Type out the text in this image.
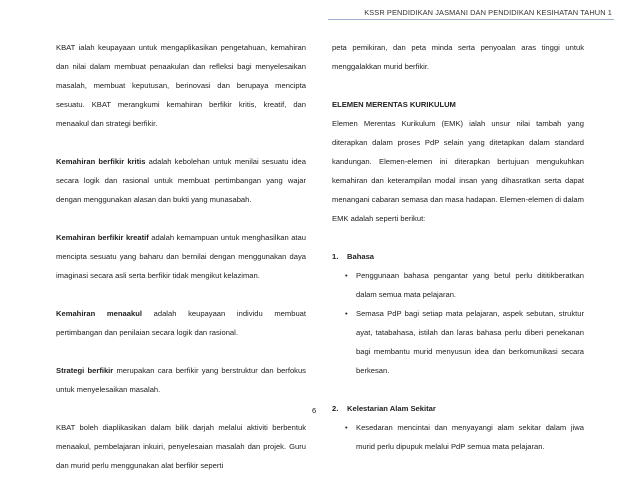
KSSR PENDIDIKAN JASMANI DAN PENDIDIKAN KESIHATAN TAHUN 1

KBAT ialah keupayaan untuk mengaplikasikan pengetahuan, kemahiran dan nilai dalam membuat penaakulan dan refleksi bagi menyelesaikan masalah, membuat keputusan, berinovasi dan berupaya mencipta sesuatu. KBAT merangkumi kemahiran berfikir kritis, kreatif, dan menaakul dan strategi berfikir.

Kemahiran berfikir kritis adalah kebolehan untuk menilai sesuatu idea secara logik dan rasional untuk membuat pertimbangan yang wajar dengan menggunakan alasan dan bukti yang munasabah.

Kemahiran berfikir kreatif adalah kemampuan untuk menghasilkan atau mencipta sesuatu yang baharu dan bernilai dengan menggunakan daya imaginasi secara asli serta berfikir tidak mengikut kelaziman.

Kemahiran menaakul adalah keupayaan individu membuat pertimbangan dan penilaian secara logik dan rasional.

Strategi berfikir merupakan cara berfikir yang berstruktur dan berfokus untuk menyelesaikan masalah.

KBAT boleh diaplikasikan dalam bilik darjah melalui aktiviti berbentuk menaakul, pembelajaran inkuiri, penyelesaian masalah dan projek. Guru dan murid perlu menggunakan alat berfikir seperti

peta pemikiran, dan peta minda serta penyoalan aras tinggi untuk menggalakkan murid berfikir.

ELEMEN MERENTAS KURIKULUM

Elemen Merentas Kurikulum (EMK) ialah unsur nilai tambah yang diterapkan dalam proses PdP selain yang ditetapkan dalam standard kandungan. Elemen-elemen ini diterapkan bertujuan mengukuhkan kemahiran dan keterampilan modal insan yang dihasratkan serta dapat menangani cabaran semasa dan masa hadapan. Elemen-elemen di dalam EMK adalah seperti berikut:

1. Bahasa

• Penggunaan bahasa pengantar yang betul perlu dititikberatkan dalam semua mata pelajaran.
• Semasa PdP bagi setiap mata pelajaran, aspek sebutan, struktur ayat, tatabahasa, istilah dan laras bahasa perlu diberi penekanan bagi membantu murid menyusun idea dan berkomunikasi secara berkesan.

2. Kelestarian Alam Sekitar

• Kesedaran mencintai dan menyayangi alam sekitar dalam jiwa murid perlu dipupuk melalui PdP semua mata pelajaran.
6
